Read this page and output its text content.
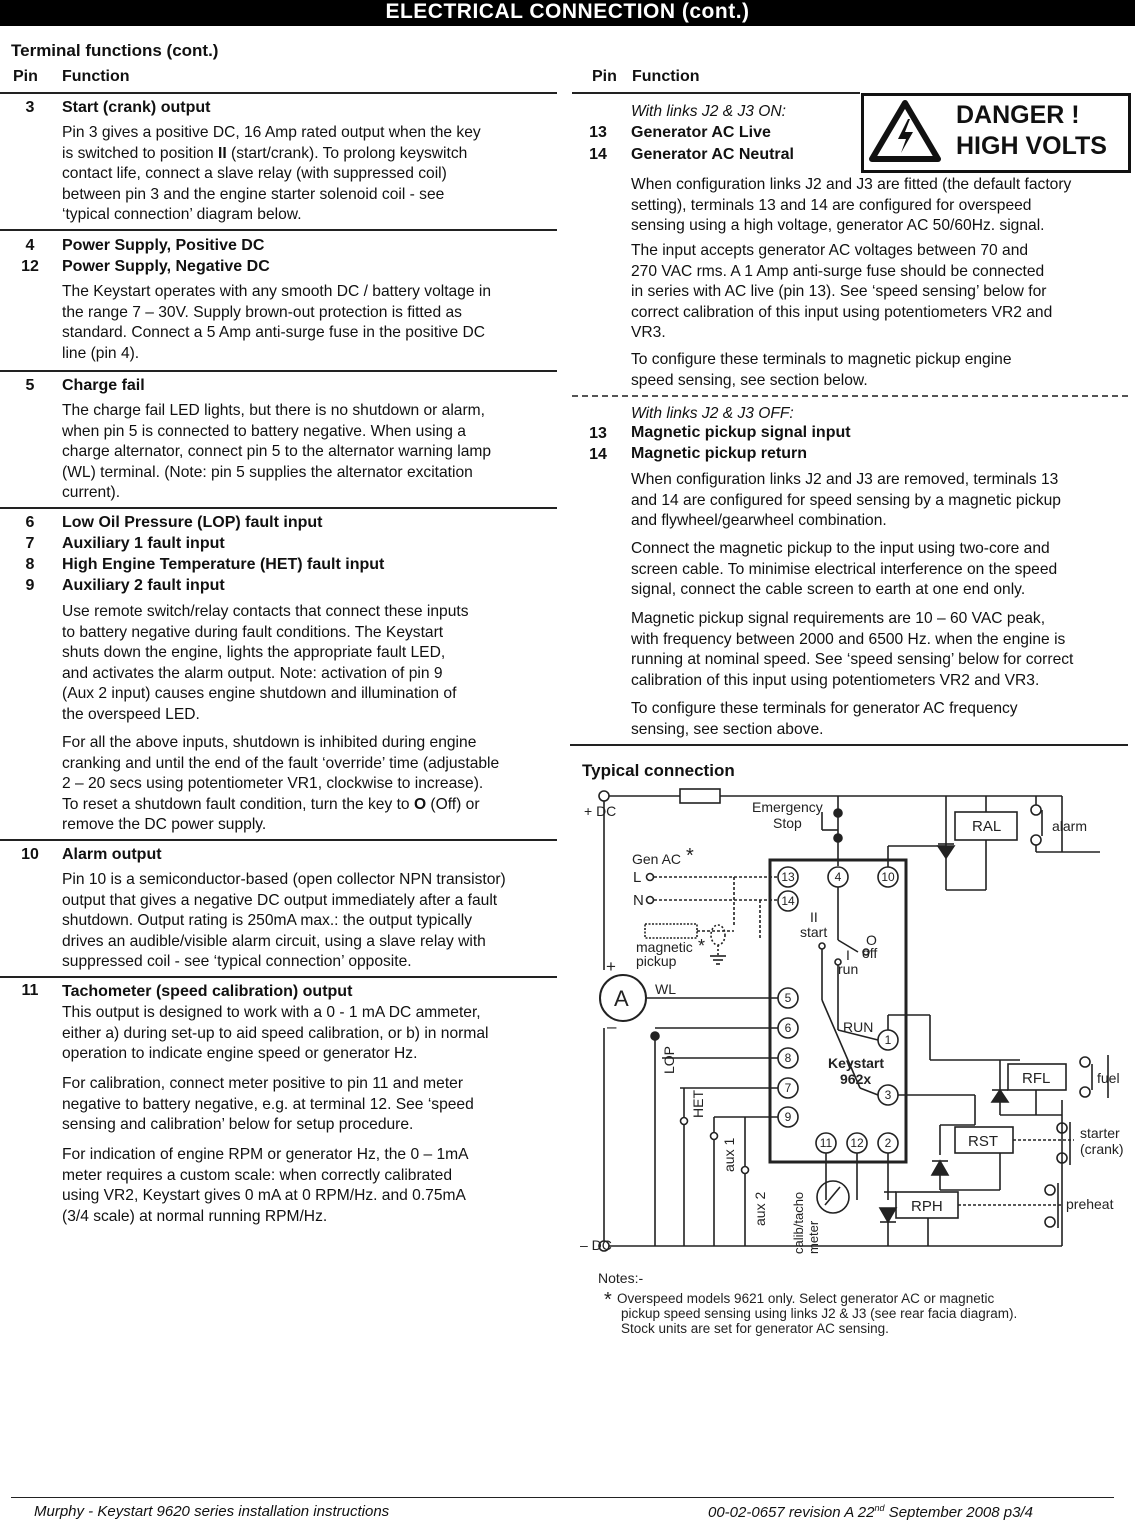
ELECTRICAL CONNECTION (cont.)
Terminal functions (cont.)
Pin Function
3	Start (crank) output
Pin 3 gives a positive DC, 16 Amp rated output when the key
is switched to position II (start/crank). To prolong keyswitch
contact life, connect a slave relay (with suppressed coil)
between pin 3 and the engine starter solenoid coil - see
‘typical connection’ diagram below.
4	Power Supply, Positive DC
12	Power Supply, Negative DC
The Keystart operates with any smooth DC / battery voltage in
the range 7 – 30V. Supply brown-out protection is fitted as
standard. Connect a 5 Amp anti-surge fuse in the positive DC
line (pin 4).
5	Charge fail
The charge fail LED lights, but there is no shutdown or alarm,
when pin 5 is connected to battery negative. When using a
charge alternator, connect pin 5 to the alternator warning lamp
(WL) terminal. (Note: pin 5 supplies the alternator excitation
current).
6	Low Oil Pressure (LOP) fault input
7	Auxiliary 1 fault input
8	High Engine Temperature (HET) fault input
9	Auxiliary 2 fault input
Use remote switch/relay contacts that connect these inputs
to battery negative during fault conditions. The Keystart
shuts down the engine, lights the appropriate fault LED,
and activates the alarm output. Note: activation of pin 9
(Aux 2 input) causes engine shutdown and illumination of
the overspeed LED.
For all the above inputs, shutdown is inhibited during engine
cranking and until the end of the fault ‘override’ time (adjustable
2 – 20 secs using potentiometer VR1, clockwise to increase).
To reset a shutdown fault condition, turn the key to O (Off) or
remove the DC power supply.
10	Alarm output
Pin 10 is a semiconductor-based (open collector NPN transistor)
output that gives a negative DC output immediately after a fault
shutdown. Output rating is 250mA max.: the output typically
drives an audible/visible alarm circuit, using a slave relay with
suppressed coil - see ‘typical connection’ opposite.
11	Tachometer (speed calibration) output
This output is designed to work with a 0 - 1 mA DC ammeter,
either a) during set-up to aid speed calibration, or b) in normal
operation to indicate engine speed or generator Hz.
For calibration, connect meter positive to pin 11 and meter
negative to battery negative, e.g. at terminal 12. See ‘speed
sensing and calibration’ below for setup procedure.
For indication of engine RPM or generator Hz, the 0 – 1mA
meter requires a custom scale: when correctly calibrated
using VR2, Keystart gives 0 mA at 0 RPM/Hz. and 0.75mA
(3/4 scale) at normal running RPM/Hz.
Pin Function
With links J2 & J3 ON:
13	Generator AC Live
14	Generator AC Neutral
DANGER !
HIGH VOLTS
When configuration links J2 and J3 are fitted (the default factory
setting), terminals 13 and 14 are configured for overspeed
sensing using a high voltage, generator AC 50/60Hz. signal.
The input accepts generator AC voltages between 70 and
270 VAC rms. A 1 Amp anti-surge fuse should be connected
in series with AC live (pin 13). See ‘speed sensing’ below for
correct calibration of this input using potentiometers VR2 and
VR3.
To configure these terminals to magnetic pickup engine
speed sensing, see section below.
With links J2 & J3 OFF:
13	Magnetic pickup signal input
14	Magnetic pickup return
When configuration links J2 and J3 are removed, terminals 13
and 14 are configured for speed sensing by a magnetic pickup
and flywheel/gearwheel combination.
Connect the magnetic pickup to the input using two-core and
screen cable. To minimise electrical interference on the speed
signal, connect the cable screen to earth at one end only.
Magnetic pickup signal requirements are 10 – 60 VAC peak,
with frequency between 2000 and 6500 Hz. when the engine is
running at nominal speed. See ‘speed sensing’ below for correct
calibration of this input using potentiometers VR2 and VR3.
To configure these terminals for generator AC frequency
sensing, see section above.
Typical connection
13
14
4	10
5
6
8
7
9
1
3
11 12 2
+ DC
– DC
Emergency
Stop
Gen AC *
L
N
magnetic *
pickup
+
–
A WL
LOP
HET
aux 1
aux 2 calib/tacho meter
Keystart
962x
II
start	O
off
I
run
RUN
RAL
RFL
RST
RPH
alarm
fuel
starter
(crank)
preheat
Notes:-
* Overspeed models 9621 only. Select generator AC or magnetic
pickup speed sensing using links J2 & J3 (see rear facia diagram).
Stock units are set for generator AC sensing.
Murphy - Keystart 9620 series installation instructions	00-02-0657 revision A 22nd September 2008 p3/4
